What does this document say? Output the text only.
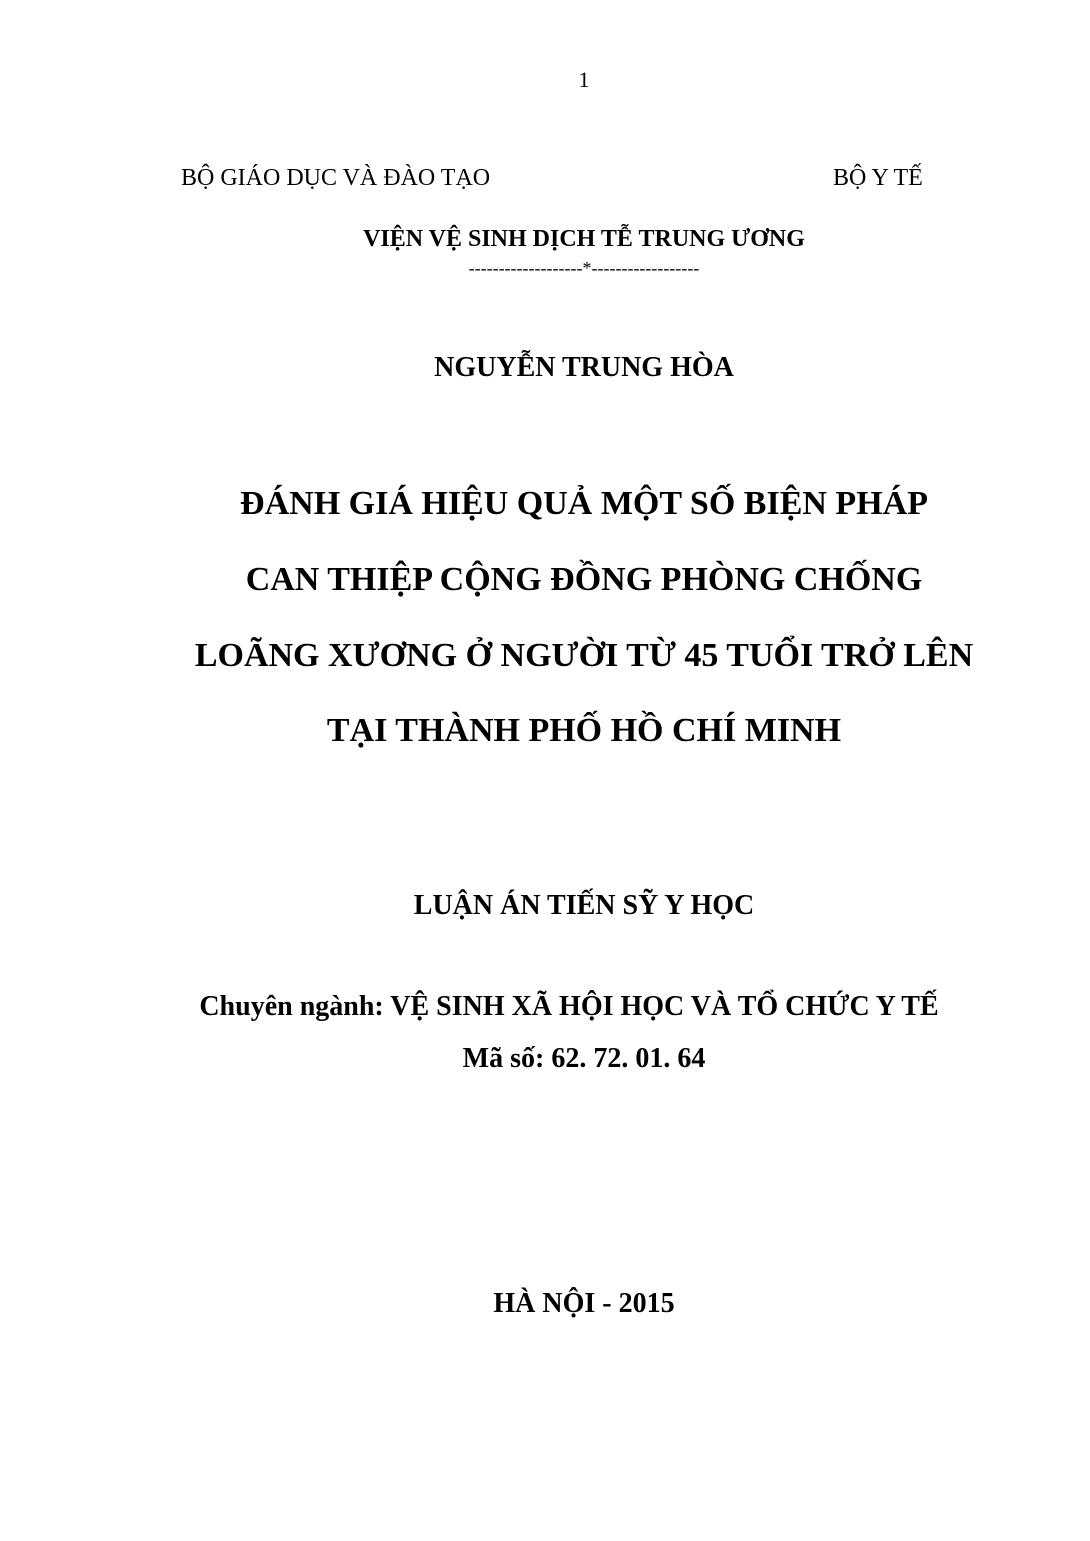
1
BỘ GIÁO DỤC VÀ ĐÀO TẠO	BỘ Y TẾ
VIỆN VỆ SINH DỊCH TỄ TRUNG ƯƠNG
-------------------*------------------
NGUYỄN TRUNG HÒA
ĐÁNH GIÁ HIỆU QUẢ MỘT SỐ BIỆN PHÁP
CAN THIỆP CỘNG ĐỒNG PHÒNG CHỐNG
LOÃNG XƯƠNG Ở NGƯỜI TỪ 45 TUỔI TRỞ LÊN
TẠI THÀNH PHỐ HỒ CHÍ MINH
LUẬN ÁN TIẾN SỸ Y HỌC
Chuyên ngành: VỆ SINH XÃ HỘI HỌC VÀ TỔ CHỨC Y TẾ
Mã số: 62. 72. 01. 64
HÀ NỘI - 2015
